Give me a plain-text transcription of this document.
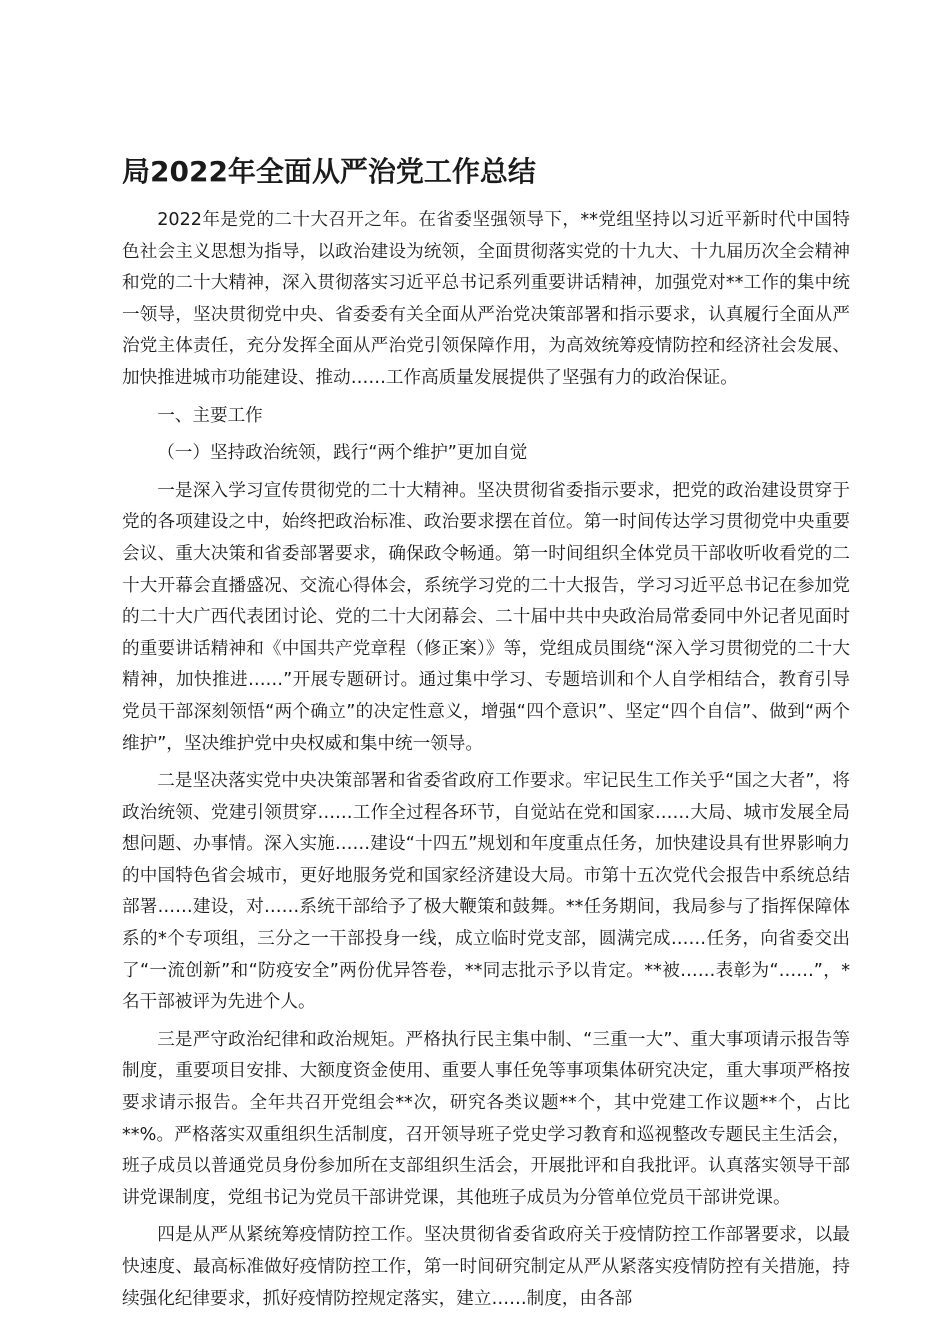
局2022年全面从严治党工作总结

2022年是党的二十大召开之年。在省委坚强领导下，**党组坚持以习近平新时代中国特色社会主义思想为指导，以政治建设为统领，全面贯彻落实党的十九大、十九届历次全会精神和党的二十大精神，深入贯彻落实习近平总书记系列重要讲话精神，加强党对**工作的集中统一领导，坚决贯彻党中央、省委委有关全面从严治党决策部署和指示要求，认真履行全面从严治党主体责任，充分发挥全面从严治党引领保障作用，为高效统筹疫情防控和经济社会发展、加快推进城市功能建设、推动……工作高质量发展提供了坚强有力的政治保证。

一、主要工作

（一）坚持政治统领，践行“两个维护”更加自觉

一是深入学习宣传贯彻党的二十大精神。坚决贯彻省委指示要求，把党的政治建设贯穿于党的各项建设之中，始终把政治标准、政治要求摆在首位。第一时间传达学习贯彻党中央重要会议、重大决策和省委部署要求，确保政令畅通。第一时间组织全体党员干部收听收看党的二十大开幕会直播盛况、交流心得体会，系统学习党的二十大报告，学习习近平总书记在参加党的二十大广西代表团讨论、党的二十大闭幕会、二十届中共中央政治局常委同中外记者见面时的重要讲话精神和《中国共产党章程（修正案）》等，党组成员围绕“深入学习贯彻党的二十大精神，加快推进……”开展专题研讨。通过集中学习、专题培训和个人自学相结合，教育引导党员干部深刻领悟“两个确立”的决定性意义，增强“四个意识”、坚定“四个自信”、做到“两个维护”，坚决维护党中央权威和集中统一领导。

二是坚决落实党中央决策部署和省委省政府工作要求。牢记民生工作关乎“国之大者”，将政治统领、党建引领贯穿……工作全过程各环节，自觉站在党和国家……大局、城市发展全局想问题、办事情。深入实施……建设“十四五”规划和年度重点任务，加快建设具有世界影响力的中国特色省会城市，更好地服务党和国家经济建设大局。市第十五次党代会报告中系统总结部署……建设，对……系统干部给予了极大鞭策和鼓舞。**任务期间，我局参与了指挥保障体系的*个专项组，三分之一干部投身一线，成立临时党支部，圆满完成……任务，向省委交出了“一流创新”和“防疫安全”两份优异答卷，**同志批示予以肯定。**被……表彰为“……”，*名干部被评为先进个人。

三是严守政治纪律和政治规矩。严格执行民主集中制、“三重一大”、重大事项请示报告等制度，重要项目安排、大额度资金使用、重要人事任免等事项集体研究决定，重大事项严格按要求请示报告。全年共召开党组会**次，研究各类议题**个，其中党建工作议题**个，占比**%。严格落实双重组织生活制度，召开领导班子党史学习教育和巡视整改专题民主生活会，班子成员以普通党员身份参加所在支部组织生活会，开展批评和自我批评。认真落实领导干部讲党课制度，党组书记为党员干部讲党课，其他班子成员为分管单位党员干部讲党课。

四是从严从紧统筹疫情防控工作。坚决贯彻省委省政府关于疫情防控工作部署要求，以最快速度、最高标准做好疫情防控工作，第一时间研究制定从严从紧落实疫情防控有关措施，持续强化纪律要求，抓好疫情防控规定落实，建立……制度，由各部
